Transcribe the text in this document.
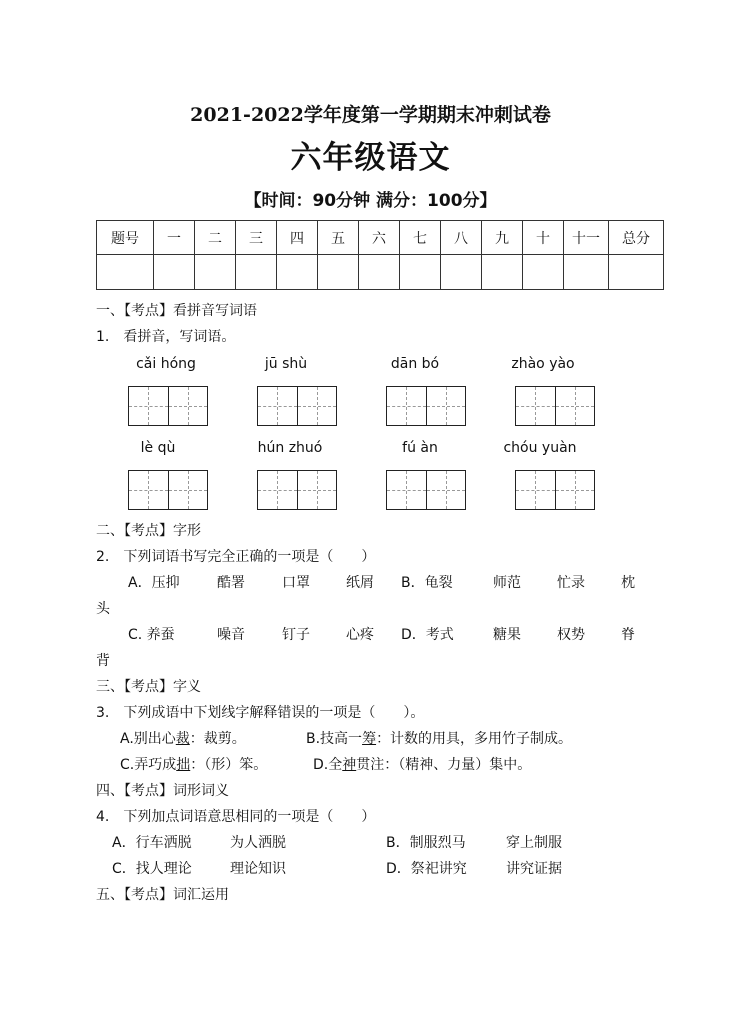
2021-2022学年度第一学期期末冲刺试卷
六年级语文
【时间：90分钟 满分：100分】
题号	一	二	三	四	五	六	七	八	九	十	十一	总分

一、【考点】看拼音写词语
1.　看拼音，写词语。
cǎi hóng	jū shù	dān bó	zhào yào
lè qù	hún zhuó	fú àn	chóu yuàn
二、【考点】字形
2.　下列词语书写完全正确的一项是（　　）
A．压抑	酷署	口罩	纸屑 B．龟裂	师范	忙录	枕
头
C. 养蚕	噪音	钉子	心疼 D．考式	糖果	权势	脊
背
三、【考点】字义
3.　下列成语中下划线字解释错误的一项是（　　）。
A.别出心裁：裁剪。	B.技高一筹：计数的用具，多用竹子制成。
C.弄巧成拙：（形）笨。	D.全神贯注：（精神、力量）集中。
四、【考点】词形词义
4.　下列加点词语意思相同的一项是（　　）
A．行车洒脱	为人洒脱	B．制服烈马	穿上制服
C．找人理论	理论知识	D．祭祀讲究	讲究证据
五、【考点】词汇运用
